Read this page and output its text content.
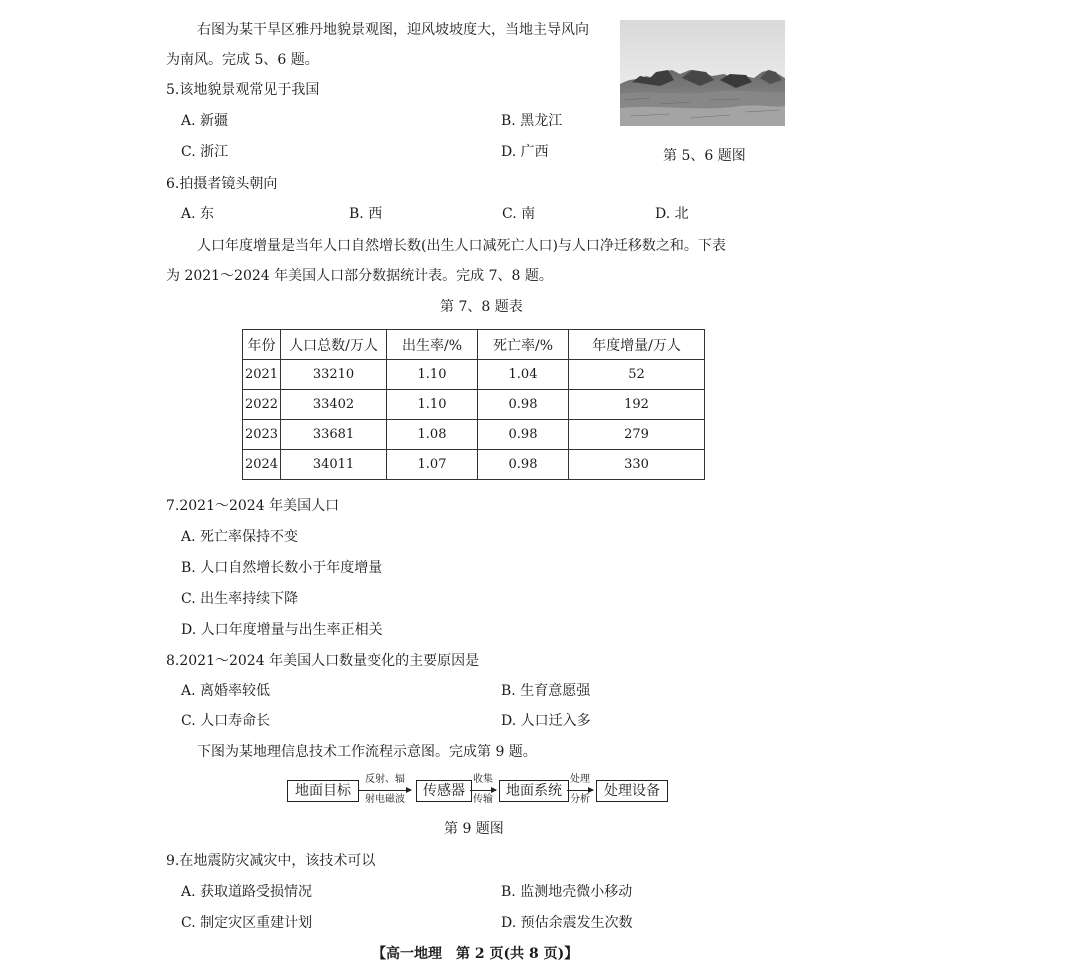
右图为某干旱区雅丹地貌景观图，迎风坡坡度大，当地主导风向
为南风。完成 5、6 题。
5.该地貌景观常见于我国
A. 新疆	B. 黑龙江
C. 浙江	D. 广西	第 5、6 题图
6.拍摄者镜头朝向
A. 东	B. 西	C. 南	D. 北
人口年度增量是当年人口自然增长数(出生人口减死亡人口)与人口净迁移数之和。下表
为 2021～2024 年美国人口部分数据统计表。完成 7、8 题。
第 7、8 题表
年份	人口总数/万人	出生率/%	死亡率/%	年度增量/万人
2021	33210	1.10	1.04	52
2022	33402	1.10	0.98	192
2023	33681	1.08	0.98	279
2024	34011	1.07	0.98	330
7.2021～2024 年美国人口
A. 死亡率保持不变
B. 人口自然增长数小于年度增量
C. 出生率持续下降
D. 人口年度增量与出生率正相关
8.2021～2024 年美国人口数量变化的主要原因是
A. 离婚率较低	B. 生育意愿强
C. 人口寿命长	D. 人口迁入多
下图为某地理信息技术工作流程示意图。完成第 9 题。
地面目标
反射、辐
射电磁波
传感器
收集
传输
地面系统
处理
分析
处理设备
第 9 题图
9.在地震防灾减灾中，该技术可以
A. 获取道路受损情况	B. 监测地壳微小移动
C. 制定灾区重建计划	D. 预估余震发生次数
【高一地理　第 2 页(共 8 页)】
